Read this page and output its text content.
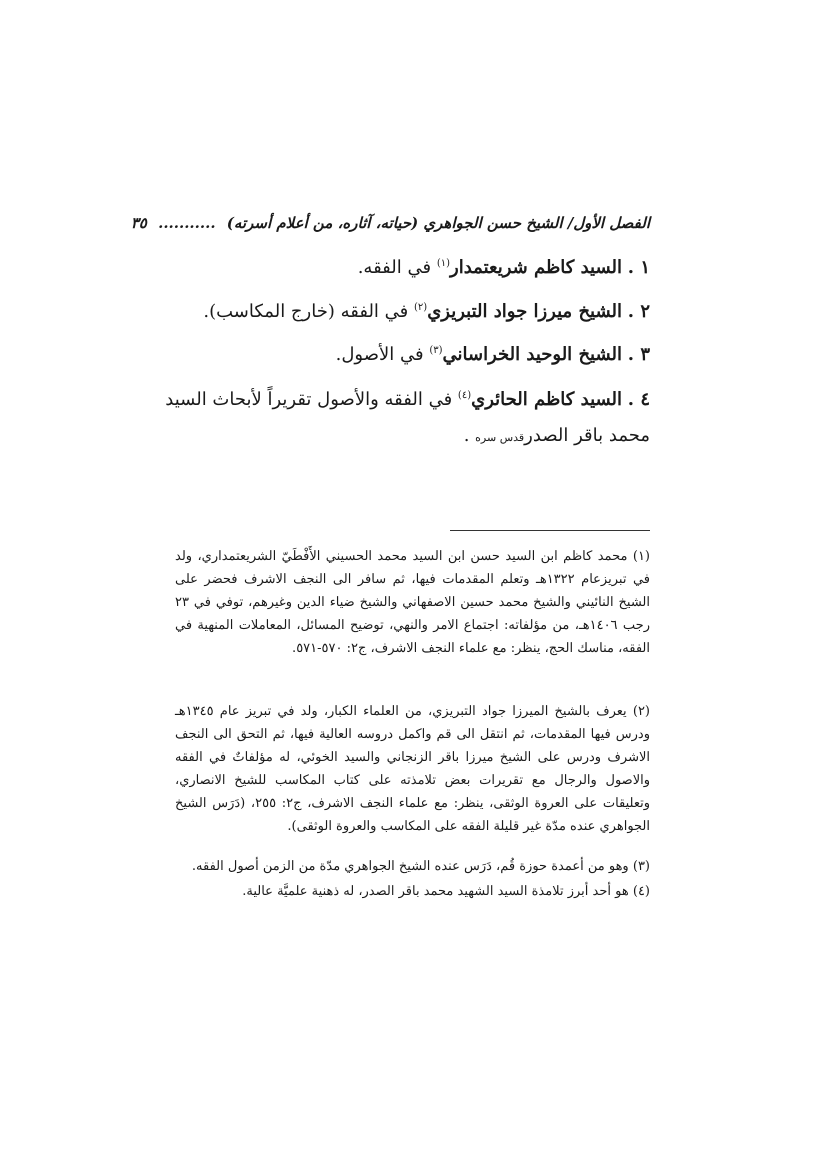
الفصل الأول/ الشيخ حسن الجواهري (حياته، آثاره، من أعلام أسرته) ........... ٣٥
١ . السيد كاظم شريعتمدار$^{(١)}$ في الفقه.
٢ . الشيخ ميرزا جواد التبريزي$^{(٢)}$ في الفقه (خارج المكاسب).
٣ . الشيخ الوحيد الخراساني$^{(٣)}$ في الأصول.
٤ . السيد كاظم الحائري$^{(٤)}$ في الفقه والأصول تقريراً لأبحاث السيد
محمد باقر الصدرقدس سره .
(١) محمد كاظم ابن السيد حسن ابن السيد محمد الحسيني الأَفْطَيّ الشريعتمداري، ولد في تبريزعام ١٣٢٢هـ وتعلم المقدمات فيها، ثم سافر الى النجف الاشرف فحضر على الشيخ النائيني والشيخ محمد حسين الاصفهاني والشيخ ضياء الدين وغيرهم، توفي في ٢٣ رجب ١٤٠٦هـ، من مؤلفاته: اجتماع الامر والنهي، توضيح المسائل، المعاملات المنهية في الفقه، مناسك الحج، ينظر: مع علماء النجف الاشرف، ج٢: ٥٧٠-٥٧١.
(٢) يعرف بالشيخ الميرزا جواد التبريزي، من العلماء الكبار، ولد في تبريز عام ١٣٤٥هـ ودرس فيها المقدمات، ثم انتقل الى قم واكمل دروسه العالية فيها، ثم التحق الى النجف الاشرف ودرس على الشيخ ميرزا باقر الزنجاني والسيد الخوئي، له مؤلفاتٌ في الفقه والاصول والرجال مع تقريرات بعض تلامذته على كتاب المكاسب للشيخ الانصاري، وتعليقات على العروة الوثقى، ينظر: مع علماء النجف الاشرف، ج٢: ٢٥٥، (دَرَس الشيخ الجواهري عنده مدّة غير قليلة الفقه على المكاسب والعروة الوثقى).
(٣) وهو من أعمدة حوزة قُم، دَرَس عنده الشيخ الجواهري مدّة من الزمن أصول الفقه.
(٤) هو أحد أبرز تلامذة السيد الشهيد محمد باقر الصدر، له ذهنية علميَّة عالية.
